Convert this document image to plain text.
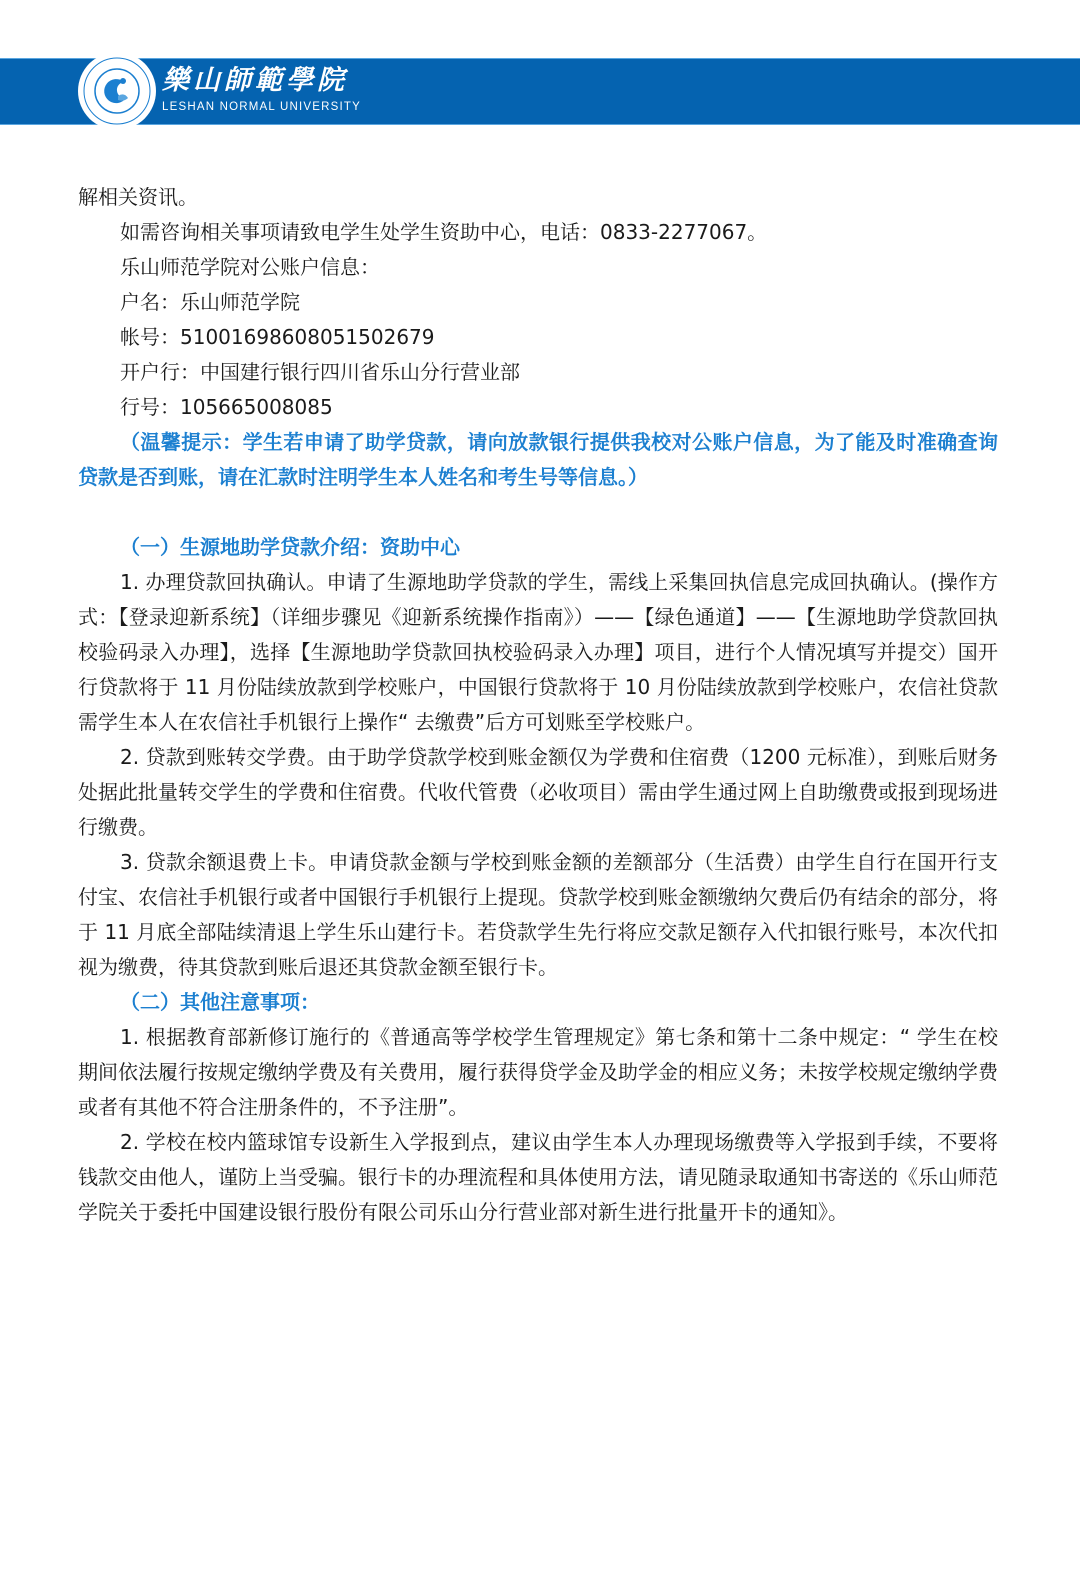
樂山師範學院
LESHAN NORMAL UNIVERSITY

解相关资讯。

如需咨询相关事项请致电学生处学生资助中心，电话：0833-2277067。

乐山师范学院对公账户信息：

户名：乐山师范学院

帐号：51001698608051502679

开户行：中国建行银行四川省乐山分行营业部

行号：105665008085

（温馨提示：学生若申请了助学贷款，请向放款银行提供我校对公账户信息，为了能及时准确查询贷款是否到账，请在汇款时注明学生本人姓名和考生号等信息。）

（一）生源地助学贷款介绍：资助中心

1. 办理贷款回执确认。申请了生源地助学贷款的学生，需线上采集回执信息完成回执确认。(操作方式：【登录迎新系统】（详细步骤见《迎新系统操作指南》）——【绿色通道】——【生源地助学贷款回执校验码录入办理】，选择【生源地助学贷款回执校验码录入办理】项目，进行个人情况填写并提交）国开行贷款将于 11 月份陆续放款到学校账户，中国银行贷款将于 10 月份陆续放款到学校账户，农信社贷款需学生本人在农信社手机银行上操作“ 去缴费”后方可划账至学校账户。

2. 贷款到账转交学费。由于助学贷款学校到账金额仅为学费和住宿费（1200 元标准），到账后财务处据此批量转交学生的学费和住宿费。代收代管费（必收项目）需由学生通过网上自助缴费或报到现场进行缴费。

3. 贷款余额退费上卡。申请贷款金额与学校到账金额的差额部分（生活费）由学生自行在国开行支付宝、农信社手机银行或者中国银行手机银行上提现。贷款学校到账金额缴纳欠费后仍有结余的部分，将于 11 月底全部陆续清退上学生乐山建行卡。若贷款学生先行将应交款足额存入代扣银行账号，本次代扣视为缴费，待其贷款到账后退还其贷款金额至银行卡。

（二）其他注意事项：

1. 根据教育部新修订施行的《普通高等学校学生管理规定》第七条和第十二条中规定：“ 学生在校期间依法履行按规定缴纳学费及有关费用，履行获得贷学金及助学金的相应义务；未按学校规定缴纳学费或者有其他不符合注册条件的，不予注册”。

2. 学校在校内篮球馆专设新生入学报到点，建议由学生本人办理现场缴费等入学报到手续，不要将钱款交由他人，谨防上当受骗。银行卡的办理流程和具体使用方法，请见随录取通知书寄送的《乐山师范学院关于委托中国建设银行股份有限公司乐山分行营业部对新生进行批量开卡的通知》。
